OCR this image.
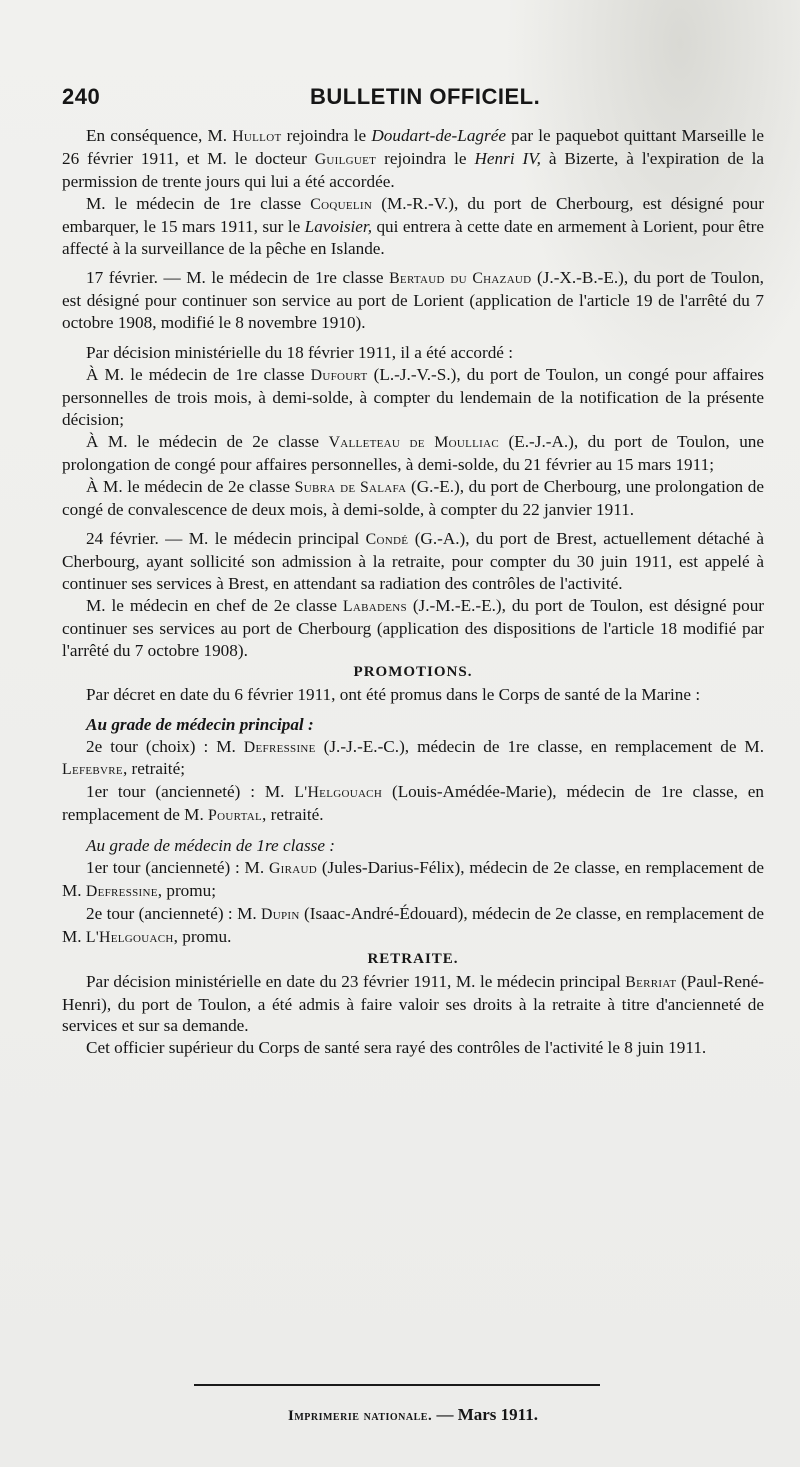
240	BULLETIN OFFICIEL.

En conséquence, M. Hullot rejoindra le Doudart-de-Lagrée par le paquebot quittant Marseille le 26 février 1911, et M. le docteur Guilguet rejoindra le Henri IV, à Bizerte, à l'expiration de la permission de trente jours qui lui a été accordée.

M. le médecin de 1re classe Coquelin (M.-R.-V.), du port de Cherbourg, est désigné pour embarquer, le 15 mars 1911, sur le Lavoisier, qui entrera à cette date en armement à Lorient, pour être affecté à la surveillance de la pêche en Islande.

17 février. — M. le médecin de 1re classe Bertaud du Chazaud (J.-X.-B.-E.), du port de Toulon, est désigné pour continuer son service au port de Lorient (application de l'article 19 de l'arrêté du 7 octobre 1908, modifié le 8 novembre 1910).

Par décision ministérielle du 18 février 1911, il a été accordé :

À M. le médecin de 1re classe Dufourt (L.-J.-V.-S.), du port de Toulon, un congé pour affaires personnelles de trois mois, à demi-solde, à compter du lendemain de la notification de la présente décision;

À M. le médecin de 2e classe Valleteau de Moulliac (E.-J.-A.), du port de Toulon, une prolongation de congé pour affaires personnelles, à demi-solde, du 21 février au 15 mars 1911;

À M. le médecin de 2e classe Subra de Salafa (G.-E.), du port de Cherbourg, une prolongation de congé de convalescence de deux mois, à demi-solde, à compter du 22 janvier 1911.

24 février. — M. le médecin principal Condé (G.-A.), du port de Brest, actuellement détaché à Cherbourg, ayant sollicité son admission à la retraite, pour compter du 30 juin 1911, est appelé à continuer ses services à Brest, en attendant sa radiation des contrôles de l'activité.

M. le médecin en chef de 2e classe Labadens (J.-M.-E.-E.), du port de Toulon, est désigné pour continuer ses services au port de Cherbourg (application des dispositions de l'article 18 modifié par l'arrêté du 7 octobre 1908).

PROMOTIONS.

Par décret en date du 6 février 1911, ont été promus dans le Corps de santé de la Marine :

Au grade de médecin principal :

2e tour (choix) : M. Defressine (J.-J.-E.-C.), médecin de 1re classe, en remplacement de M. Lefebvre, retraité;

1er tour (ancienneté) : M. L'Helgouach (Louis-Amédée-Marie), médecin de 1re classe, en remplacement de M. Pourtal, retraité.

Au grade de médecin de 1re classe :

1er tour (ancienneté) : M. Giraud (Jules-Darius-Félix), médecin de 2e classe, en remplacement de M. Defressine, promu;

2e tour (ancienneté) : M. Dupin (Isaac-André-Édouard), médecin de 2e classe, en remplacement de M. L'Helgouach, promu.

RETRAITE.

Par décision ministérielle en date du 23 février 1911, M. le médecin principal Berriat (Paul-René-Henri), du port de Toulon, a été admis à faire valoir ses droits à la retraite à titre d'ancienneté de services et sur sa demande.

Cet officier supérieur du Corps de santé sera rayé des contrôles de l'activité le 8 juin 1911.

Imprimerie nationale. — Mars 1911.
